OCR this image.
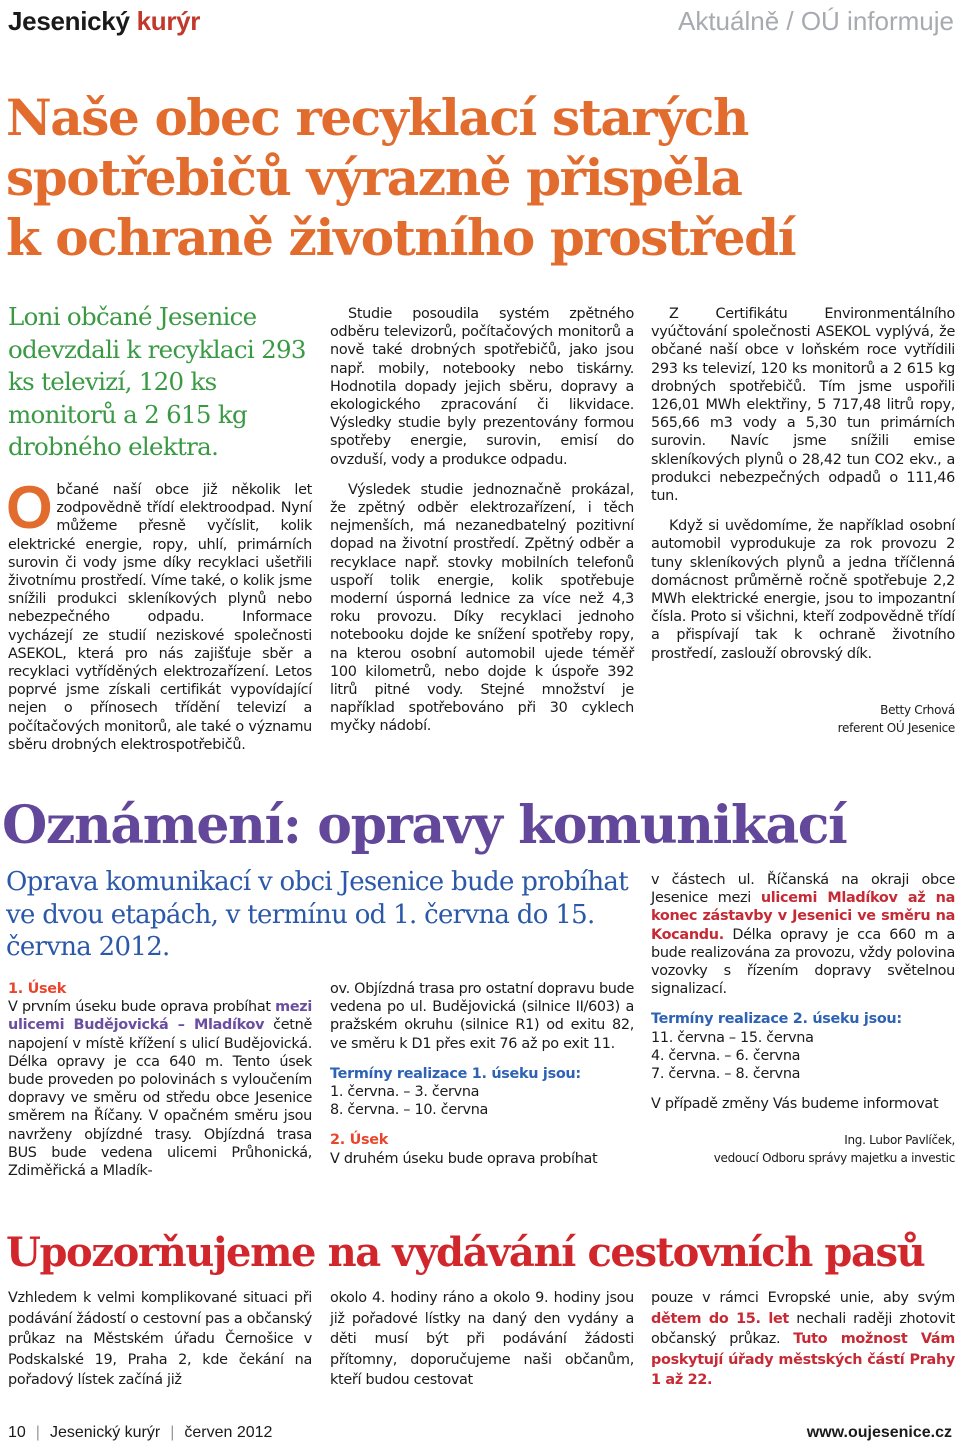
Jesenický kurýr	Aktuálně / OÚ informuje
Naše obec recyklací starých
spotřebičů výrazně přispěla
k ochraně životního prostředí
Loni občané Jesenice odevzdali k recyklaci 293 ks televizí, 120 ks monitorů a 2 615 kg drobného elektra.
Občané naší obce již několik let zodpovědně třídí elektroodpad. Nyní můžeme přesně vyčíslit, kolik elektrické energie, ropy, uhlí, primárních surovin či vody jsme díky recyklaci ušetřili životnímu prostředí. Víme také, o kolik jsme snížili produkci skleníkových plynů nebo nebezpečného odpadu. Informace vycházejí ze studií neziskové společnosti ASEKOL, která pro nás zajišťuje sběr a recyklaci vytříděných elektrozařízení. Letos poprvé jsme získali certifikát vypovídající nejen o přínosech třídění televizí a počítačových monitorů, ale také o významu sběru drobných elektrospotřebičů.

Studie posoudila systém zpětného odběru televizorů, počítačových monitorů a nově také drobných spotřebičů, jako jsou např. mobily, notebooky nebo tiskárny. Hodnotila dopady jejich sběru, dopravy a ekologického zpracování či likvidace. Výsledky studie byly prezentovány formou spotřeby energie, surovin, emisí do ovzduší, vody a produkce odpadu.

Výsledek studie jednoznačně prokázal, že zpětný odběr elektrozařízení, i těch nejmenších, má nezanedbatelný pozitivní dopad na životní prostředí. Zpětný odběr a recyklace např. stovky mobilních telefonů uspoří tolik energie, kolik spotřebuje moderní úsporná lednice za více než 4,3 roku provozu. Díky recyklaci jednoho notebooku dojde ke snížení spotřeby ropy, na kterou osobní automobil ujede téměř 100 kilometrů, nebo dojde k úspoře 392 litrů pitné vody. Stejné množství je například spotřebováno při 30 cyklech myčky nádobí.

Z Certifikátu Environmentálního vyúčtování společnosti ASEKOL vyplývá, že občané naší obce v loňském roce vytřídili 293 ks televizí, 120 ks monitorů a 2 615 kg drobných spotřebičů. Tím jsme uspořili 126,01 MWh elektřiny, 5 717,48 litrů ropy, 565,66 m3 vody a 5,30 tun primárních surovin. Navíc jsme snížili emise skleníkových plynů o 28,42 tun CO2 ekv., a produkci nebezpečných odpadů o 111,46 tun.

Když si uvědomíme, že například osobní automobil vyprodukuje za rok provozu 2 tuny skleníkových plynů a jedna tříčlenná domácnost průměrně ročně spotřebuje 2,2 MWh elektrické energie, jsou to impozantní čísla. Proto si všichni, kteří zodpovědně třídí a přispívají tak k ochraně životního prostředí, zaslouží obrovský dík.

Betty Crhová
referent OÚ Jesenice
Oznámení: opravy komunikací
Oprava komunikací v obci Jesenice bude probíhat ve dvou etapách, v termínu od 1. června do 15. června 2012.
1. Úsek

V prvním úseku bude oprava probíhat mezi ulicemi Budějovická – Mladíkov četně napojení v místě křížení s ulicí Budějovická. Délka opravy je cca 640 m. Tento úsek bude proveden po polovinách s vyloučením dopravy ve směru od středu obce Jesenice směrem na Říčany. V opačném směru jsou navrženy objízdné trasy. Objízdná trasa BUS bude vedena ulicemi Průhonická, Zdiměřická a Mladík-

ov. Objízdná trasa pro ostatní dopravu bude vedena po ul. Budějovická (silnice II/603) a pražském okruhu (silnice R1) od exitu 82, ve směru k D1 přes exit 76 až po exit 11.

Termíny realizace 1. úseku jsou:
1. června. – 3. června
8. června. – 10. června
2. Úsek

V druhém úseku bude oprava probíhat

v částech ul. Říčanská na okraji obce Jesenice mezi ulicemi Mladíkov až na konec zástavby v Jesenici ve směru na Kocandu. Délka opravy je cca 660 m a bude realizována za provozu, vždy polovina vozovky s řízením dopravy světelnou signalizací.

Termíny realizace 2. úseku jsou:
11. června – 15. června
4. června. – 6. června
7. června. – 8. června

V případě změny Vás budeme informovat

Ing. Lubor Pavlíček,
vedoucí Odboru správy majetku a investic
Upozorňujeme na vydávání cestovních pasů

Vzhledem k velmi komplikované situaci při podávání žádostí o cestovní pas a občanský průkaz na Městském úřadu Černošice v Podskalské 19, Praha 2, kde čekání na pořadový lístek začíná již

okolo 4. hodiny ráno a okolo 9. hodiny jsou již pořadové lístky na daný den vydány a děti musí být při podávání žádosti přítomny, doporučujeme naši občanům, kteří budou cestovat

pouze v rámci Evropské unie, aby svým dětem do 15. let nechali raději zhotovit občanský průkaz. Tuto možnost Vám poskytují úřady městských částí Prahy 1 až 22.

10 | Jesenický kurýr | červen 2012	www.oujesenice.cz
